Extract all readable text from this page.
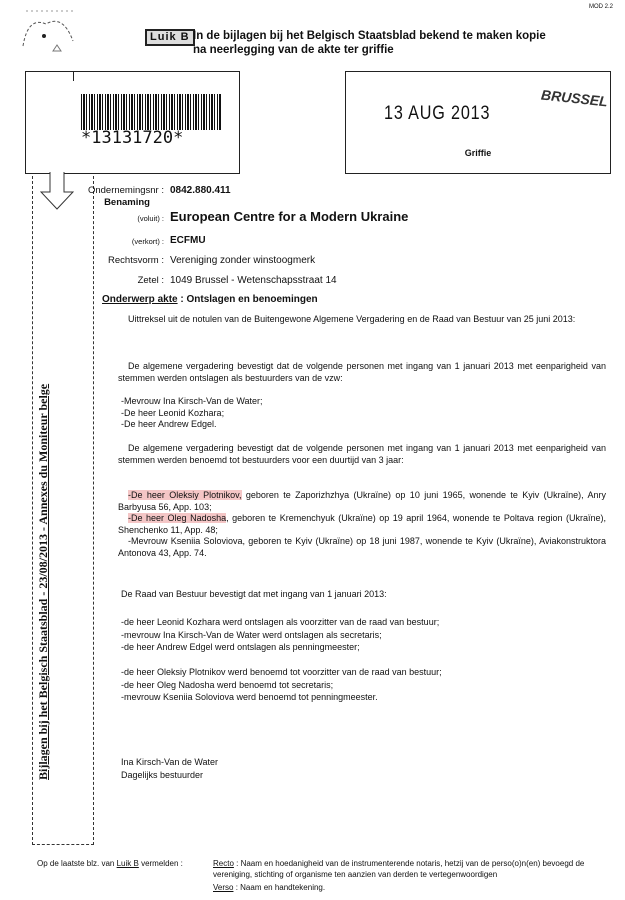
MOD 2.2
Luik B In de bijlagen bij het Belgisch Staatsblad bekend te maken kopie
na neerlegging van de akte ter griffie
*13131720*
13 AUG 2013
BRUSSEL
Griffie
Bijlagen bij het Belgisch Staatsblad - 23/08/2013 - Annexes du Moniteur belge
Ondernemingsnr : 0842.880.411
Benaming
(voluit) : European Centre for a Modern Ukraine
(verkort) : ECFMU
Rechtsvorm : Vereniging zonder winstoogmerk
Zetel : 1049 Brussel - Wetenschapsstraat 14
Onderwerp akte : Ontslagen en benoemingen
Uittreksel uit de notulen van de Buitengewone Algemene Vergadering en de Raad van Bestuur van 25 juni 2013:
De algemene vergadering bevestigt dat de volgende personen met ingang van 1 januari 2013 met eenparigheid van stemmen werden ontslagen als bestuurders van de vzw:
-Mevrouw Ina Kirsch-Van de Water;
-De heer Leonid Kozhara;
-De heer Andrew Edgel.
De algemene vergadering bevestigt dat de volgende personen met ingang van 1 januari 2013 met eenparigheid van stemmen werden benoemd tot bestuurders voor een duurtijd van 3 jaar:
-De heer Oleksiy Plotnikov, geboren te Zaporizhzhya (Ukraïne) op 10 juni 1965, wonende te Kyiv (Ukraïne), Anry Barbyusa 56, App. 103;
-De heer Oleg Nadosha, geboren te Kremenchyuk (Ukraïne) op 19 april 1964, wonende te Poltava region (Ukraïne), Shenchenko 11, App. 48;
-Mevrouw Kseniia Soloviova, geboren te Kyiv (Ukraïne) op 18 juni 1987, wonende te Kyiv (Ukraïne), Aviakonstruktora Antonova 43, App. 74.
De Raad van Bestuur bevestigt dat met ingang van 1 januari 2013:
-de heer Leonid Kozhara werd ontslagen als voorzitter van de raad van bestuur;
-mevrouw Ina Kirsch-Van de Water werd ontslagen als secretaris;
-de heer Andrew Edgel werd ontslagen als penningmeester;
-de heer Oleksiy Plotnikov werd benoemd tot voorzitter van de raad van bestuur;
-de heer Oleg Nadosha werd benoemd tot secretaris;
-mevrouw Kseniia Soloviova werd benoemd tot penningmeester.
Ina Kirsch-Van de Water
Dagelijks bestuurder
Op de laatste blz. van Luik B vermelden :	Recto : Naam en hoedanigheid van de instrumenterende notaris, hetzij van de perso(o)n(en) bevoegd de vereniging, stichting of organisme ten aanzien van derden te vertegenwoordigen
Verso : Naam en handtekening.
